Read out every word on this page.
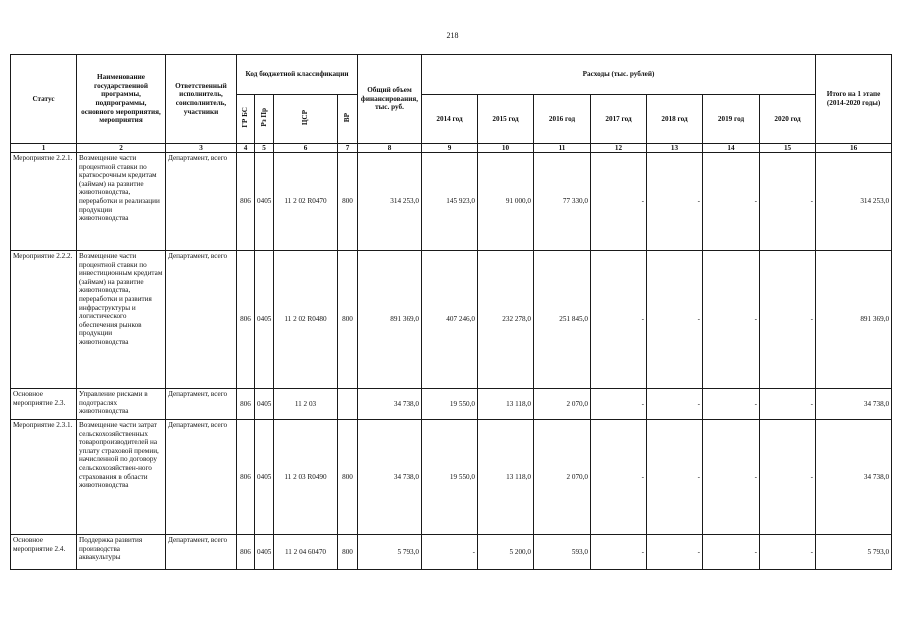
218
Статус	Наименование государственной программы, подпрограммы, основного мероприятия, мероприятия	Ответственный исполнитель, соисполнитель, участники	Код бюджетной классификации				Общий объем финансирования, тыс. руб.	Расходы (тыс. рублей)							Итого на 1 этапе (2014-2020 годы)
			ГР БС	Рз Пр	ЦСР	ВР		2014 год	2015 год	2016 год	2017 год	2018 год	2019 год	2020 год	
1	2	3	4	5	6	7	8	9	10	11	12	13	14	15	16
Мероприятие 2.2.1.	Возмещение части процентной ставки по краткосрочным кредитам (займам) на развитие животноводства, переработки и реализации продукции животноводства	Департамент, всего	806	0405	11 2 02 R0470	800	314 253,0	145 923,0	91 000,0	77 330,0	-	-	-	-	314 253,0
Мероприятие 2.2.2.	Возмещение части процентной ставки по инвестиционным кредитам (займам) на развитие животноводства, переработки и развития инфраструктуры и логистического обеспечения рынков продукции животноводства	Департамент, всего	806	0405	11 2 02 R0480	800	891 369,0	407 246,0	232 278,0	251 845,0	-	-	-	-	891 369,0
Основное мероприятие 2.3.	Управление рисками в подотраслях животноводства	Департамент, всего	806	0405	11 2 03		34 738,0	19 550,0	13 118,0	2 070,0	-	-	-	-	34 738,0
Мероприятие 2.3.1.	Возмещение части затрат сельскохозяйственных товаропроизводителей на уплату страховой премии, начисленной по договору сельскохозяйствен-ного страхования в области животноводства	Департамент, всего	806	0405	11 2 03 R0490	800	34 738,0	19 550,0	13 118,0	2 070,0	-	-	-	-	34 738,0
Основное мероприятие 2.4.	Поддержка развития производства аквакультуры	Департамент, всего	806	0405	11 2 04 60470	800	5 793,0	-	5 200,0	593,0	-	-	-	-	5 793,0
